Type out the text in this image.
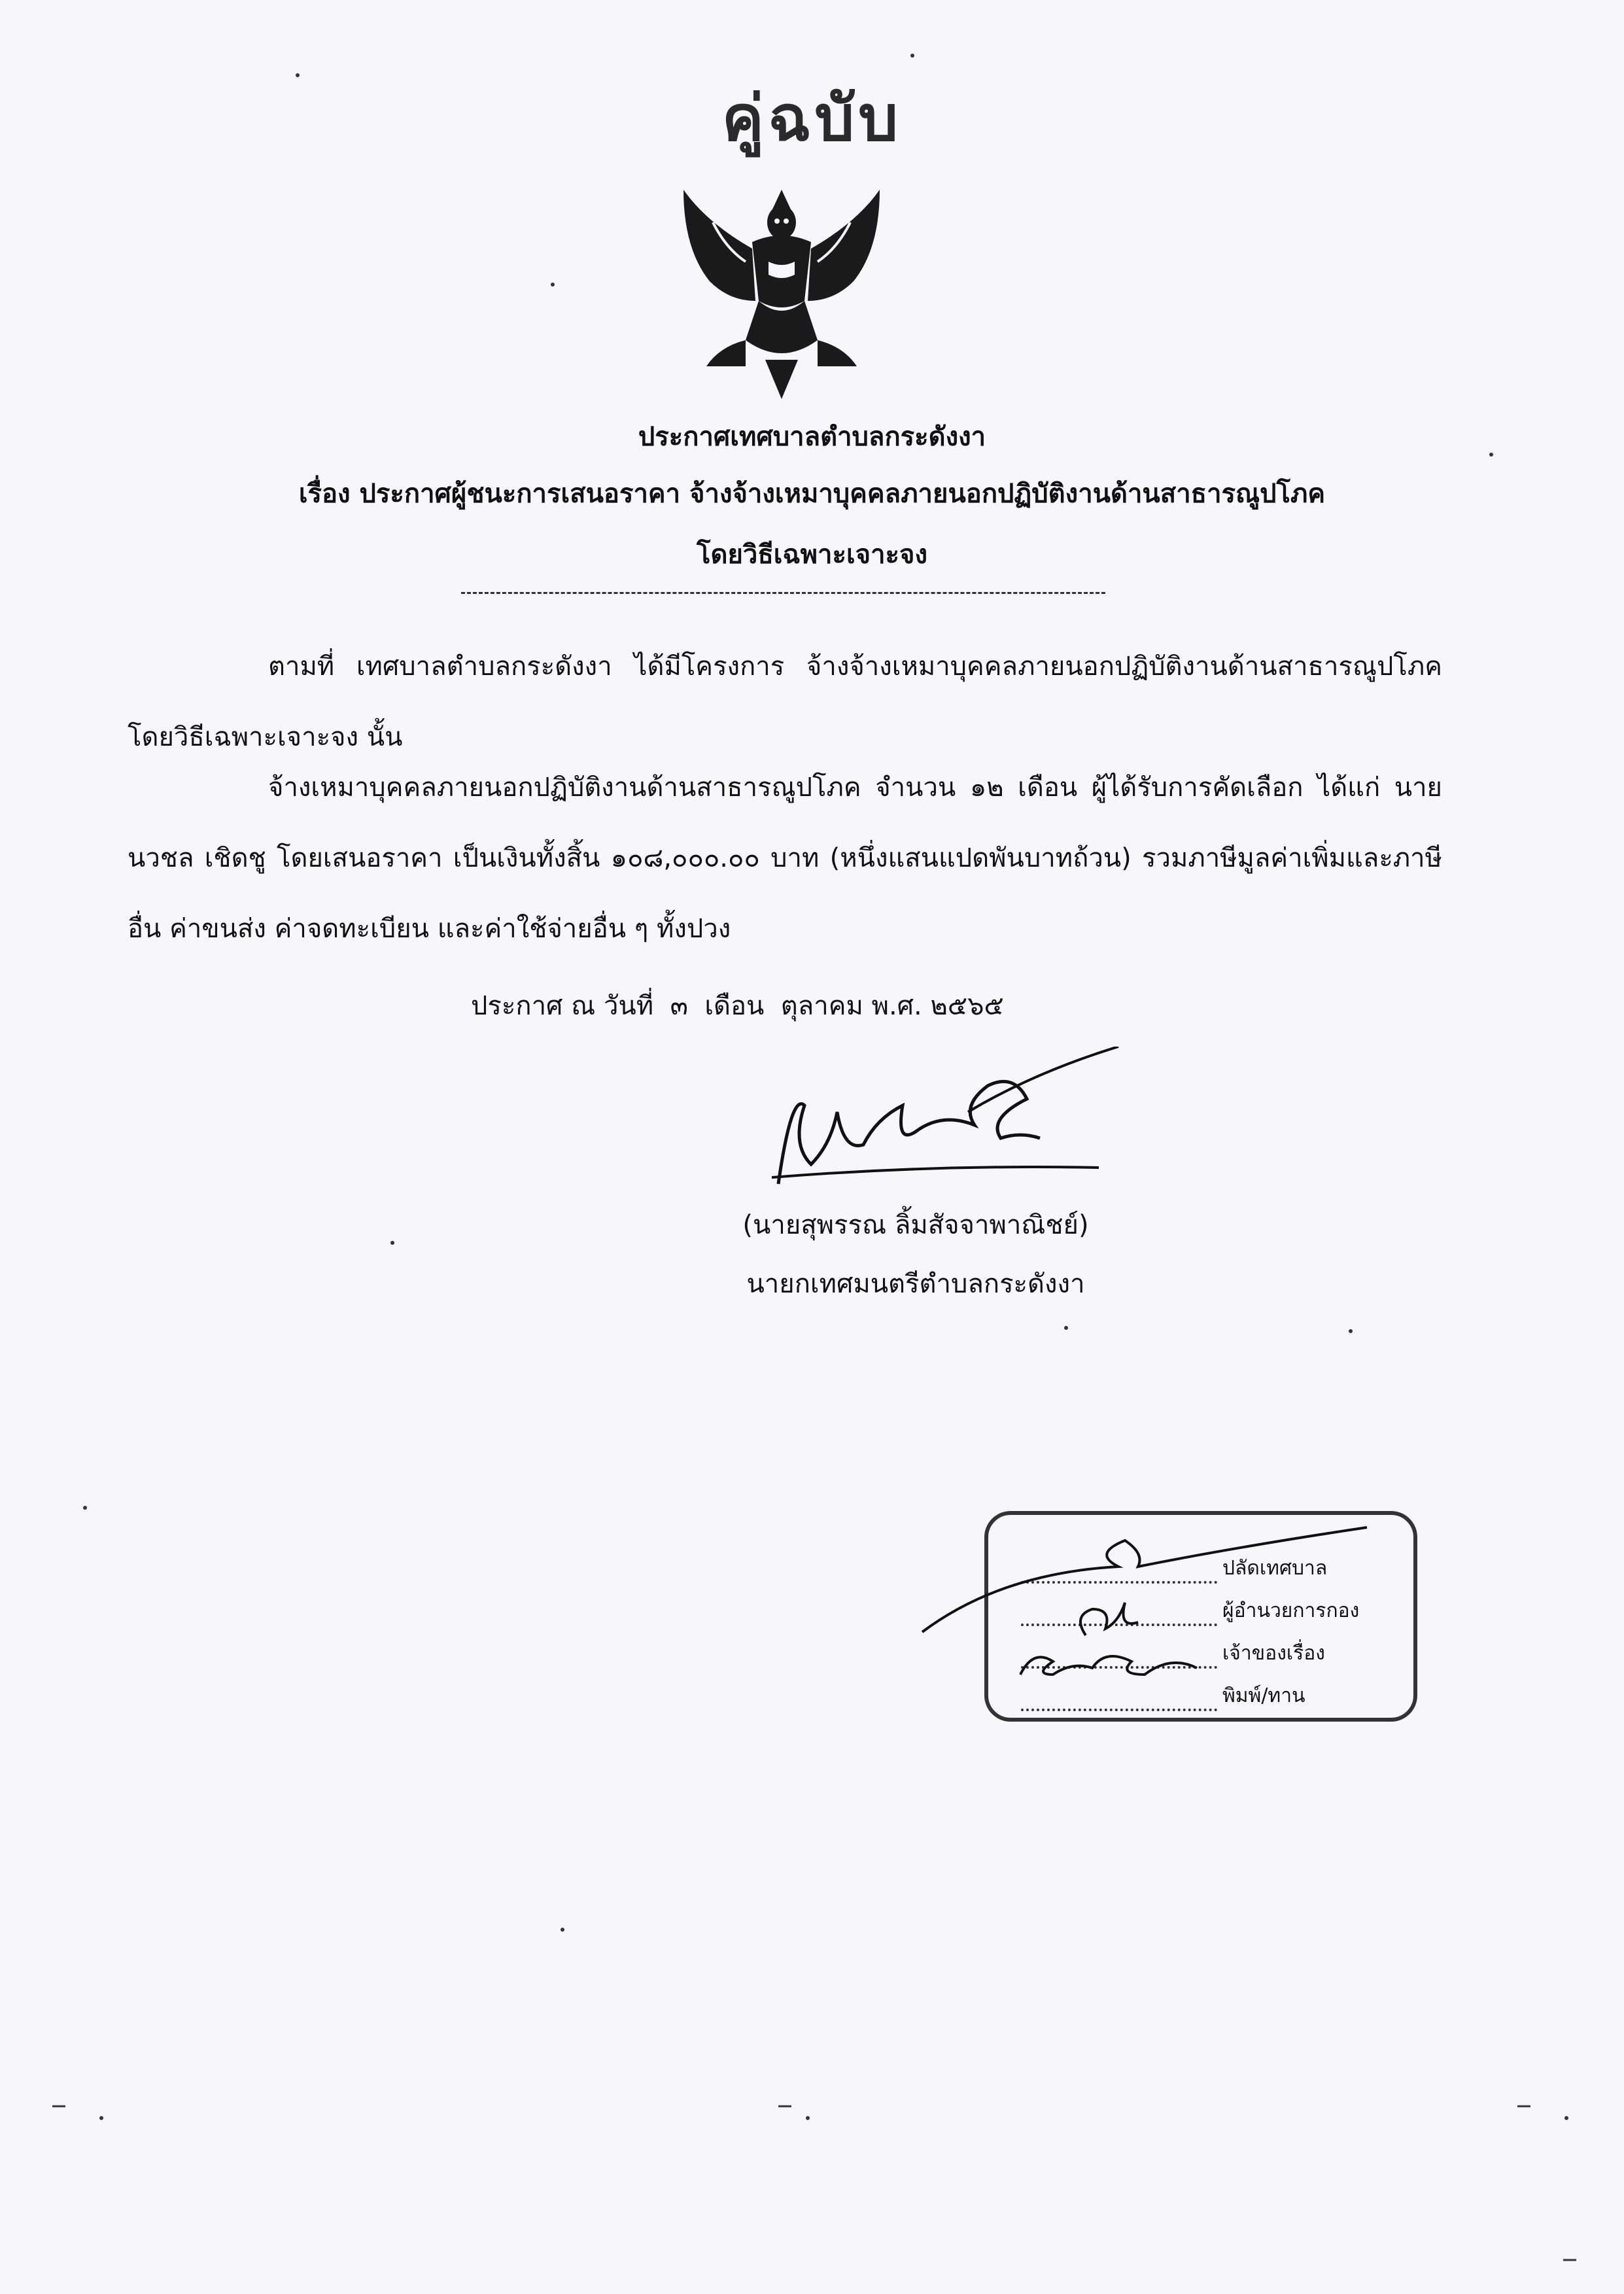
คู่ฉบับ
ประกาศเทศบาลตำบลกระดังงา
เรื่อง ประกาศผู้ชนะการเสนอราคา จ้างจ้างเหมาบุคคลภายนอกปฏิบัติงานด้านสาธารณูปโภค
โดยวิธีเฉพาะเจาะจง
ตามที่ เทศบาลตำบลกระดังงา ได้มีโครงการ จ้างจ้างเหมาบุคคลภายนอกปฏิบัติงานด้านสาธารณูปโภค โดยวิธีเฉพาะเจาะจง นั้น
จ้างเหมาบุคคลภายนอกปฏิบัติงานด้านสาธารณูปโภค จำนวน ๑๒ เดือน ผู้ได้รับการคัดเลือก ได้แก่ นาย นวชล เชิดชู โดยเสนอราคา เป็นเงินทั้งสิ้น ๑๐๘,๐๐๐.๐๐ บาท (หนึ่งแสนแปดพันบาทถ้วน) รวมภาษีมูลค่าเพิ่มและภาษีอื่น ค่าขนส่ง ค่าจดทะเบียน และค่าใช้จ่ายอื่น ๆ ทั้งปวง
ประกาศ ณ วันที่  ๓  เดือน  ตุลาคม พ.ศ. ๒๕๖๕
(นายสุพรรณ ลิ้มสัจจาพาณิชย์)
นายกเทศมนตรีตำบลกระดังงา
ปลัดเทศบาล
ผู้อำนวยการกอง
เจ้าของเรื่อง
พิมพ์/ทาน
